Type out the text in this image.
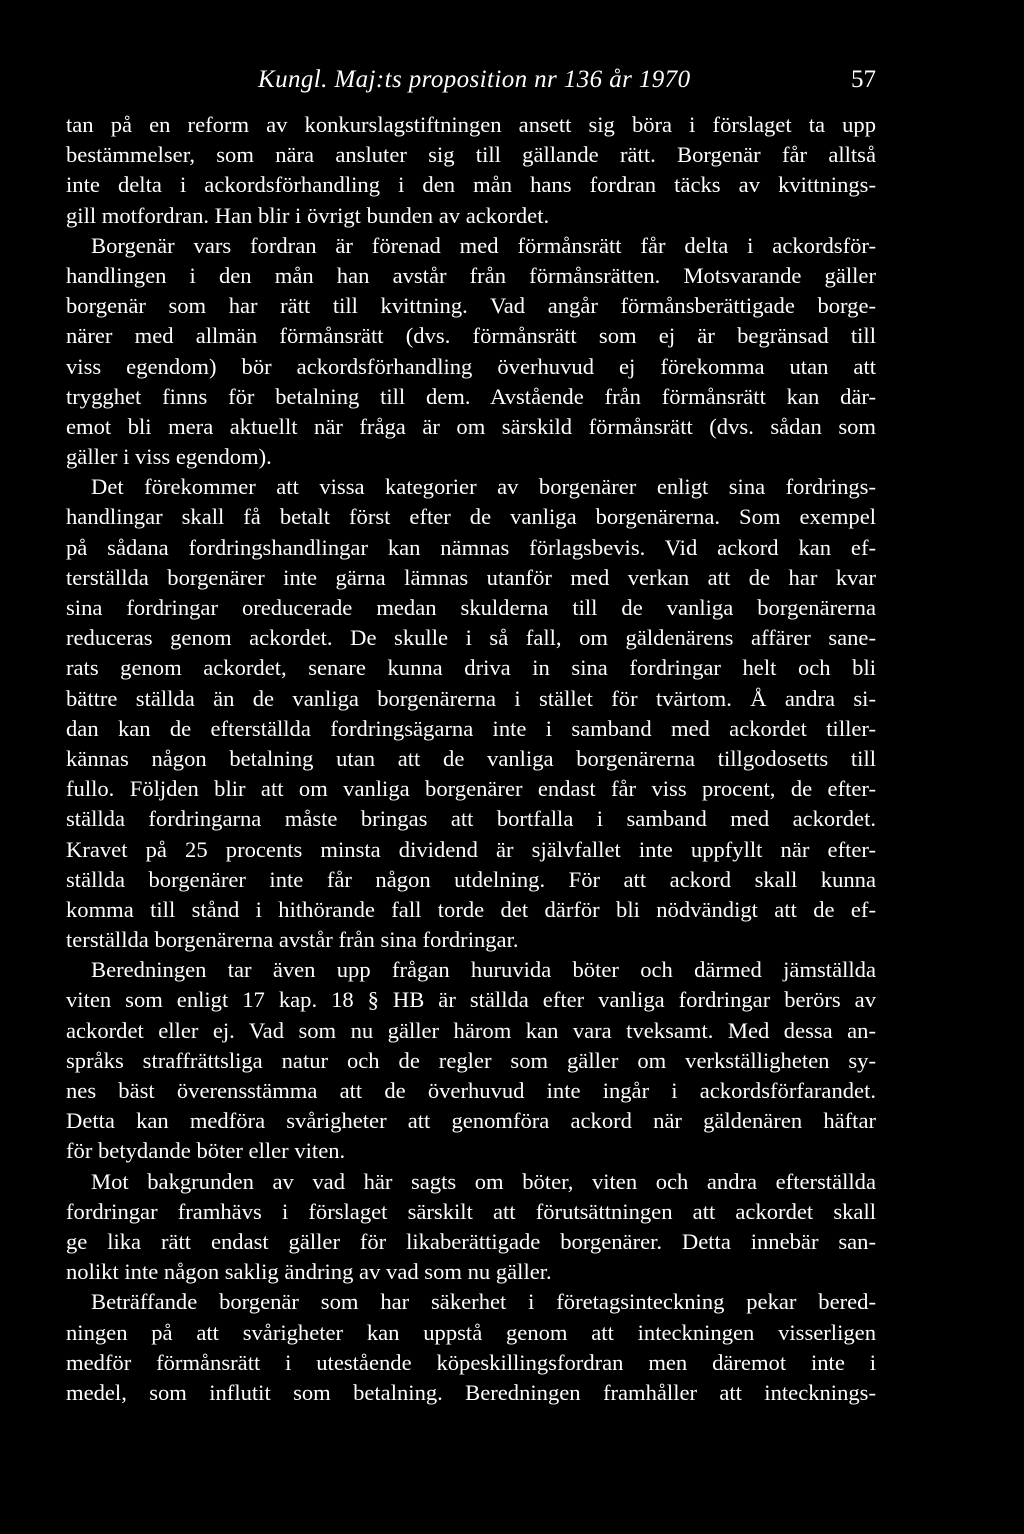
Kungl. Maj:ts proposition nr 136 år 1970	57
tan på en reform av konkurslagstiftningen ansett sig böra i förslaget ta upp
bestämmelser, som nära ansluter sig till gällande rätt. Borgenär får alltså
inte delta i ackordsförhandling i den mån hans fordran täcks av kvittnings-
gill motfordran. Han blir i övrigt bunden av ackordet.
Borgenär vars fordran är förenad med förmånsrätt får delta i ackordsför-
handlingen i den mån han avstår från förmånsrätten. Motsvarande gäller
borgenär som har rätt till kvittning. Vad angår förmånsberättigade borge-
närer med allmän förmånsrätt (dvs. förmånsrätt som ej är begränsad till
viss egendom) bör ackordsförhandling överhuvud ej förekomma utan att
trygghet finns för betalning till dem. Avstående från förmånsrätt kan där-
emot bli mera aktuellt när fråga är om särskild förmånsrätt (dvs. sådan som
gäller i viss egendom).
Det förekommer att vissa kategorier av borgenärer enligt sina fordrings-
handlingar skall få betalt först efter de vanliga borgenärerna. Som exempel
på sådana fordringshandlingar kan nämnas förlagsbevis. Vid ackord kan ef-
terställda borgenärer inte gärna lämnas utanför med verkan att de har kvar
sina fordringar oreducerade medan skulderna till de vanliga borgenärerna
reduceras genom ackordet. De skulle i så fall, om gäldenärens affärer sane-
rats genom ackordet, senare kunna driva in sina fordringar helt och bli
bättre ställda än de vanliga borgenärerna i stället för tvärtom. Å andra si-
dan kan de efterställda fordringsägarna inte i samband med ackordet tiller-
kännas någon betalning utan att de vanliga borgenärerna tillgodosetts till
fullo. Följden blir att om vanliga borgenärer endast får viss procent, de efter-
ställda fordringarna måste bringas att bortfalla i samband med ackordet.
Kravet på 25 procents minsta dividend är självfallet inte uppfyllt när efter-
ställda borgenärer inte får någon utdelning. För att ackord skall kunna
komma till stånd i hithörande fall torde det därför bli nödvändigt att de ef-
terställda borgenärerna avstår från sina fordringar.
Beredningen tar även upp frågan huruvida böter och därmed jämställda
viten som enligt 17 kap. 18 § HB är ställda efter vanliga fordringar berörs av
ackordet eller ej. Vad som nu gäller härom kan vara tveksamt. Med dessa an-
språks straffrättsliga natur och de regler som gäller om verkställigheten sy-
nes bäst överensstämma att de överhuvud inte ingår i ackordsförfarandet.
Detta kan medföra svårigheter att genomföra ackord när gäldenären häftar
för betydande böter eller viten.
Mot bakgrunden av vad här sagts om böter, viten och andra efterställda
fordringar framhävs i förslaget särskilt att förutsättningen att ackordet skall
ge lika rätt endast gäller för likaberättigade borgenärer. Detta innebär san-
nolikt inte någon saklig ändring av vad som nu gäller.
Beträffande borgenär som har säkerhet i företagsinteckning pekar bered-
ningen på att svårigheter kan uppstå genom att inteckningen visserligen
medför förmånsrätt i utestående köpeskillingsfordran men däremot inte i
medel, som influtit som betalning. Beredningen framhåller att intecknings-
